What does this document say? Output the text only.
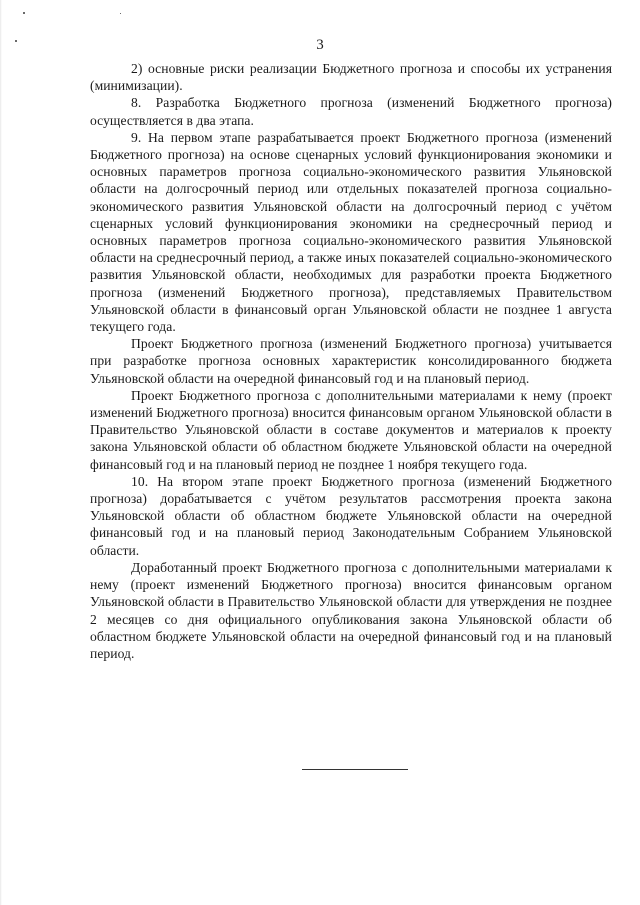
3

2) основные риски реализации Бюджетного прогноза и способы их устранения (минимизации).

8. Разработка Бюджетного прогноза (изменений Бюджетного прогноза) осуществляется в два этапа.

9. На первом этапе разрабатывается проект Бюджетного прогноза (изменений Бюджетного прогноза) на основе сценарных условий функционирования экономики и основных параметров прогноза социально-экономического развития Ульяновской области на долгосрочный период или отдельных показателей прогноза социально-экономического развития Ульяновской области на долгосрочный период с учётом сценарных условий функционирования экономики на среднесрочный период и основных параметров прогноза социально-экономического развития Ульяновской области на среднесрочный период, а также иных показателей социально-экономического развития Ульяновской области, необходимых для разработки проекта Бюджетного прогноза (изменений Бюджетного прогноза), представляемых Правительством Ульяновской области в финансовый орган Ульяновской области не позднее 1 августа текущего года.

Проект Бюджетного прогноза (изменений Бюджетного прогноза) учитывается при разработке прогноза основных характеристик консолидированного бюджета Ульяновской области на очередной финансовый год и на плановый период.

Проект Бюджетного прогноза с дополнительными материалами к нему (проект изменений Бюджетного прогноза) вносится финансовым органом Ульяновской области в Правительство Ульяновской области в составе документов и материалов к проекту закона Ульяновской области об областном бюджете Ульяновской области на очередной финансовый год и на плановый период не позднее 1 ноября текущего года.

10. На втором этапе проект Бюджетного прогноза (изменений Бюджетного прогноза) дорабатывается с учётом результатов рассмотрения проекта закона Ульяновской области об областном бюджете Ульяновской области на очередной финансовый год и на плановый период Законодательным Собранием Ульяновской области.

Доработанный проект Бюджетного прогноза с дополнительными материалами к нему (проект изменений Бюджетного прогноза) вносится финансовым органом Ульяновской области в Правительство Ульяновской области для утверждения не позднее 2 месяцев со дня официального опубликования закона Ульяновской области об областном бюджете Ульяновской области на очередной финансовый год и на плановый период.
